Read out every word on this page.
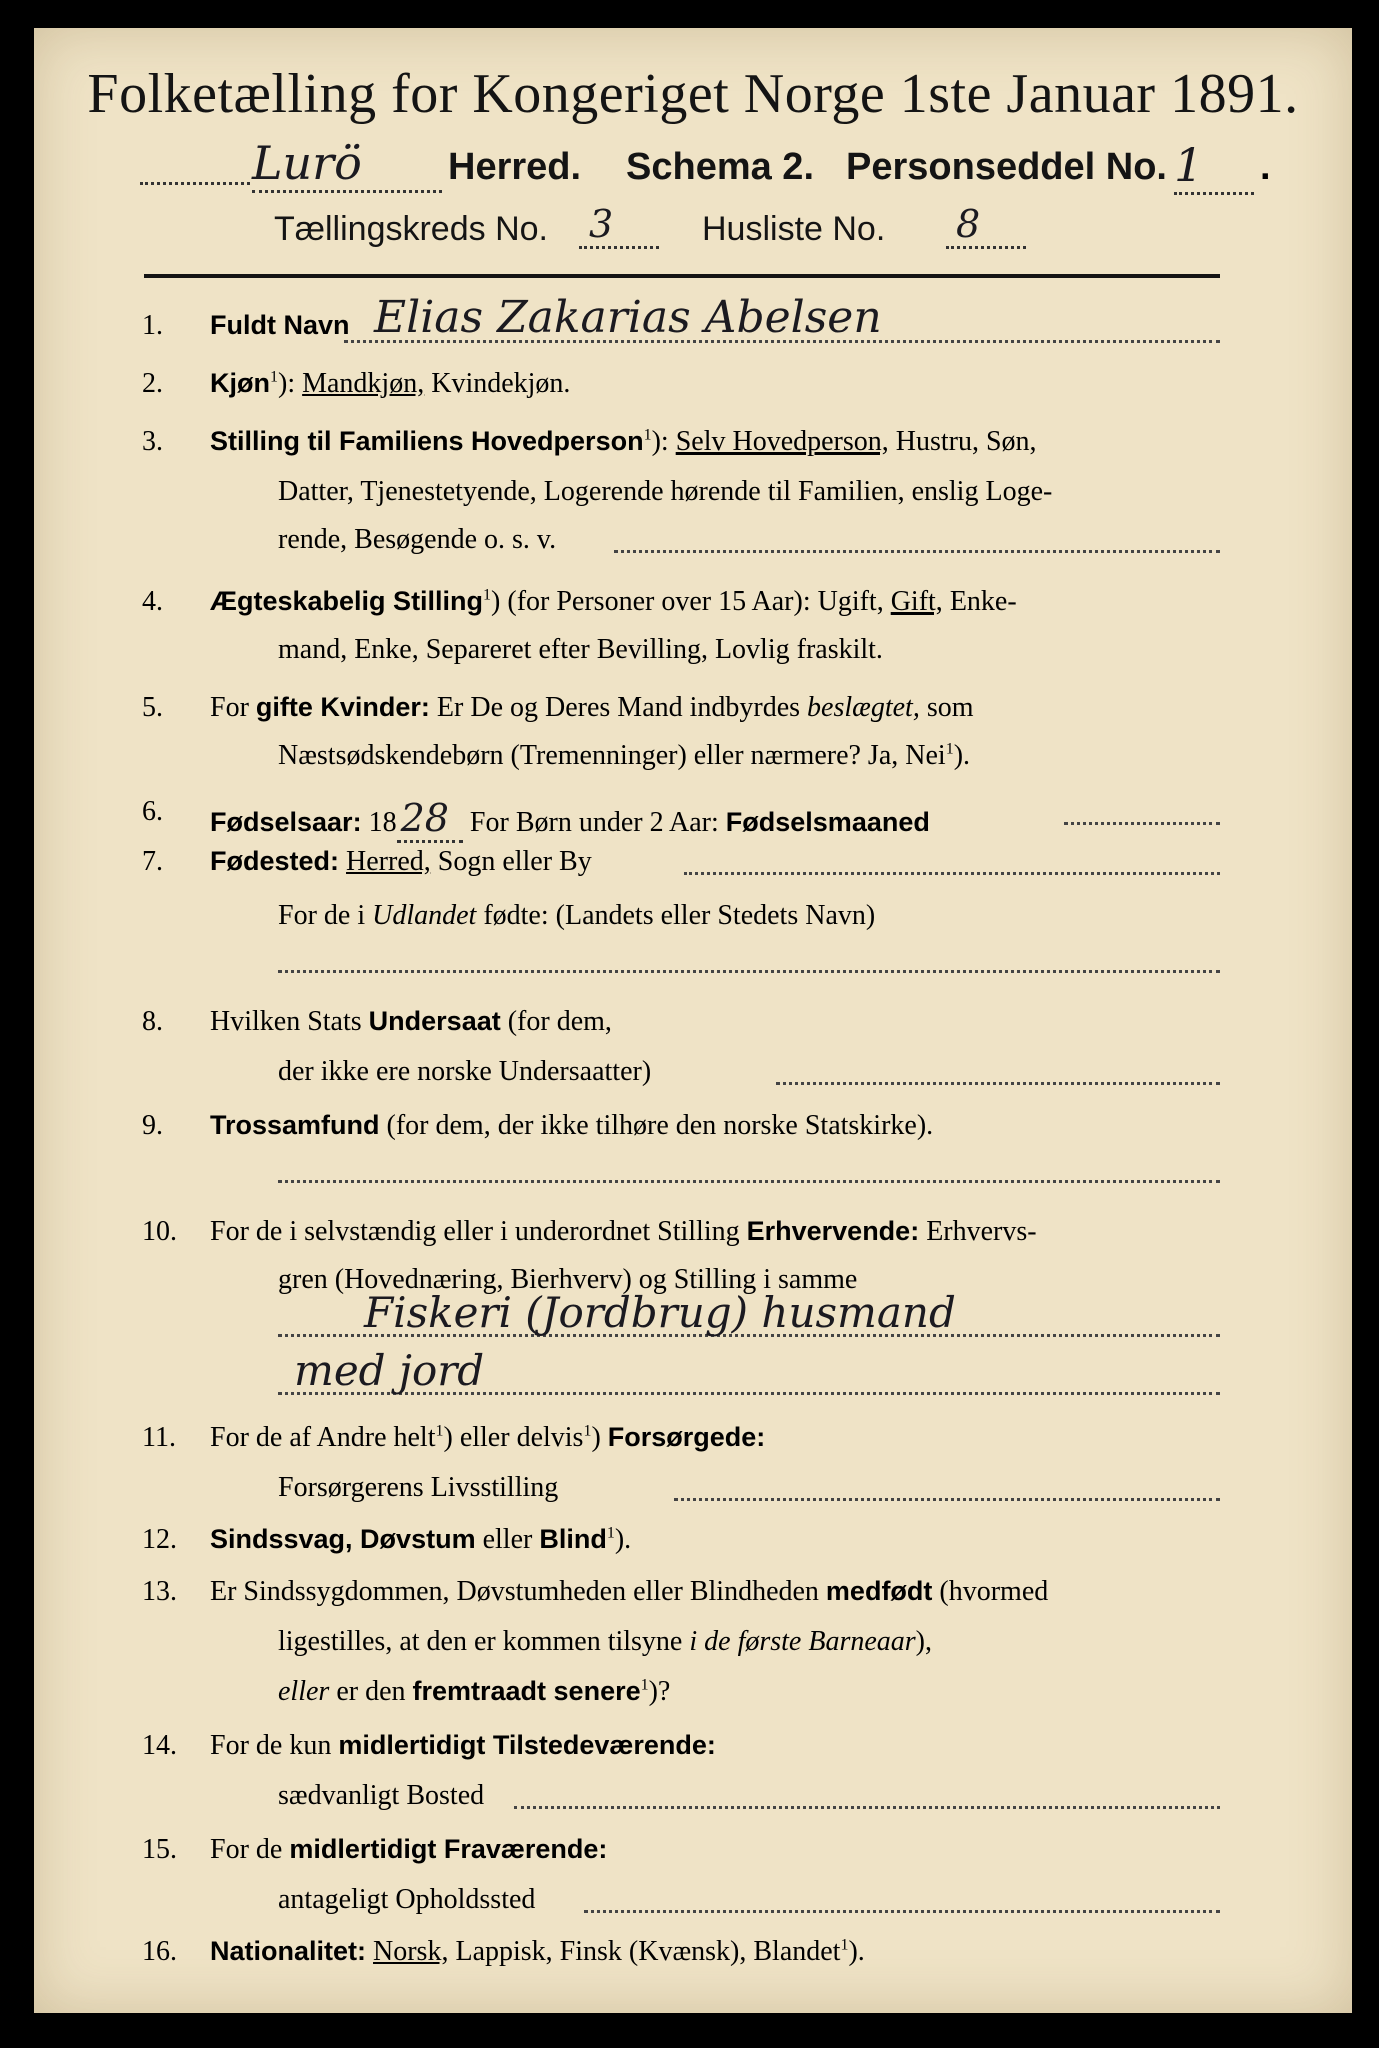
Folketælling for Kongeriget Norge 1ste Januar 1891.
Lurö	Herred. Schema 2. Personseddel No. 1	.
Tællingskreds No. 3	Husliste No. 8
1.	Fuldt Navn Elias Zakarias Abelsen
2.	Kjøn$^1$): Mandkjøn, Kvindekjøn.
3.	Stilling til Familiens Hovedperson$^1$): Selv Hovedperson, Hustru, Søn,
Datter, Tjenestetyende, Logerende hørende til Familien, enslig Loge-
rende, Besøgende o. s. v.
4.	Ægteskabelig Stilling$^1$) (for Personer over 15 Aar): Ugift, Gift, Enke-
mand, Enke, Separeret efter Bevilling, Lovlig fraskilt.
5.	For gifte Kvinder: Er De og Deres Mand indbyrdes beslægtet, som
Næstsødskendebørn (Tremenninger) eller nærmere? Ja, Nei$^1$).
6.	Fødselsaar: 18 28 For Børn under 2 Aar: Fødselsmaaned
7.	Fødested: Herred, Sogn eller By
For de i Udlandet fødte: (Landets eller Stedets Navn)
8.	Hvilken Stats Undersaat (for dem,
der ikke ere norske Undersaatter)
9.	Trossamfund (for dem, der ikke tilhøre den norske Statskirke).
10.	For de i selvstændig eller i underordnet Stilling Erhvervende: Erhvervs-
gren (Hovednæring, Bierhverv) og Stilling i samme
Fiskeri (Jordbrug) husmand
med jord
11.	For de af Andre helt$^1$) eller delvis$^1$) Forsørgede:
Forsørgerens Livsstilling
12.	Sindssvag, Døvstum eller Blind$^1$).
13.	Er Sindssygdommen, Døvstumheden eller Blindheden medfødt (hvormed
ligestilles, at den er kommen tilsyne i de første Barneaar),
eller er den fremtraadt senere$^1$)?
14.	For de kun midlertidigt Tilstedeværende:
sædvanligt Bosted
15.	For de midlertidigt Fraværende:
antageligt Opholdssted
16.	Nationalitet: Norsk, Lappisk, Finsk (Kvænsk), Blandet$^1$).
